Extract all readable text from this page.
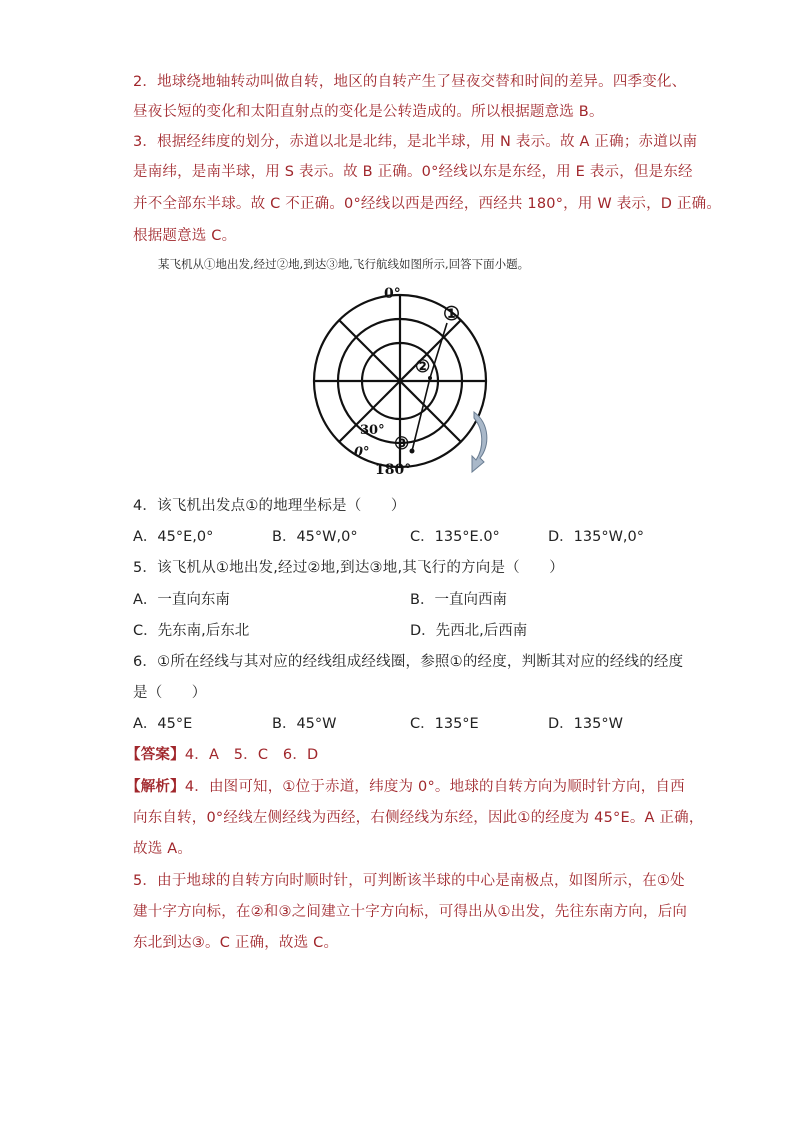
2．地球绕地轴转动叫做自转，地区的自转产生了昼夜交替和时间的差异。四季变化、
昼夜长短的变化和太阳直射点的变化是公转造成的。所以根据题意选 B。
3．根据经纬度的划分，赤道以北是北纬，是北半球，用 N 表示。故 A 正确；赤道以南
是南纬，是南半球，用 S 表示。故 B 正确。0°经线以东是东经，用 E 表示，但是东经
并不全部东半球。故 C 不正确。0°经线以西是西经，西经共 180°，用 W 表示，D 正确。
根据题意选 C。
某飞机从①地出发,经过②地,到达③地,飞行航线如图所示,回答下面小题。
0°
180°
30°
0°
①
②
③
4．该飞机出发点①的地理坐标是（　　）
A．45°E,0°	B．45°W,0°	C．135°E.0°	D．135°W,0°
5．该飞机从①地出发,经过②地,到达③地,其飞行的方向是（　　）
A．一直向东南	B．一直向西南
C．先东南,后东北	D．先西北,后西南
6．①所在经线与其对应的经线组成经线圈，参照①的经度，判断其对应的经线的经度
是（　　）
A．45°E	B．45°W	C．135°E	D．135°W
【答案】4．A　5．C　6．D
【解析】4．由图可知，①位于赤道，纬度为 0°。地球的自转方向为顺时针方向，自西
向东自转，0°经线左侧经线为西经，右侧经线为东经，因此①的经度为 45°E。A 正确，
故选 A。
5．由于地球的自转方向时顺时针，可判断该半球的中心是南极点，如图所示，在①处
建十字方向标，在②和③之间建立十字方向标，可得出从①出发，先往东南方向，后向
东北到达③。C 正确，故选 C。
